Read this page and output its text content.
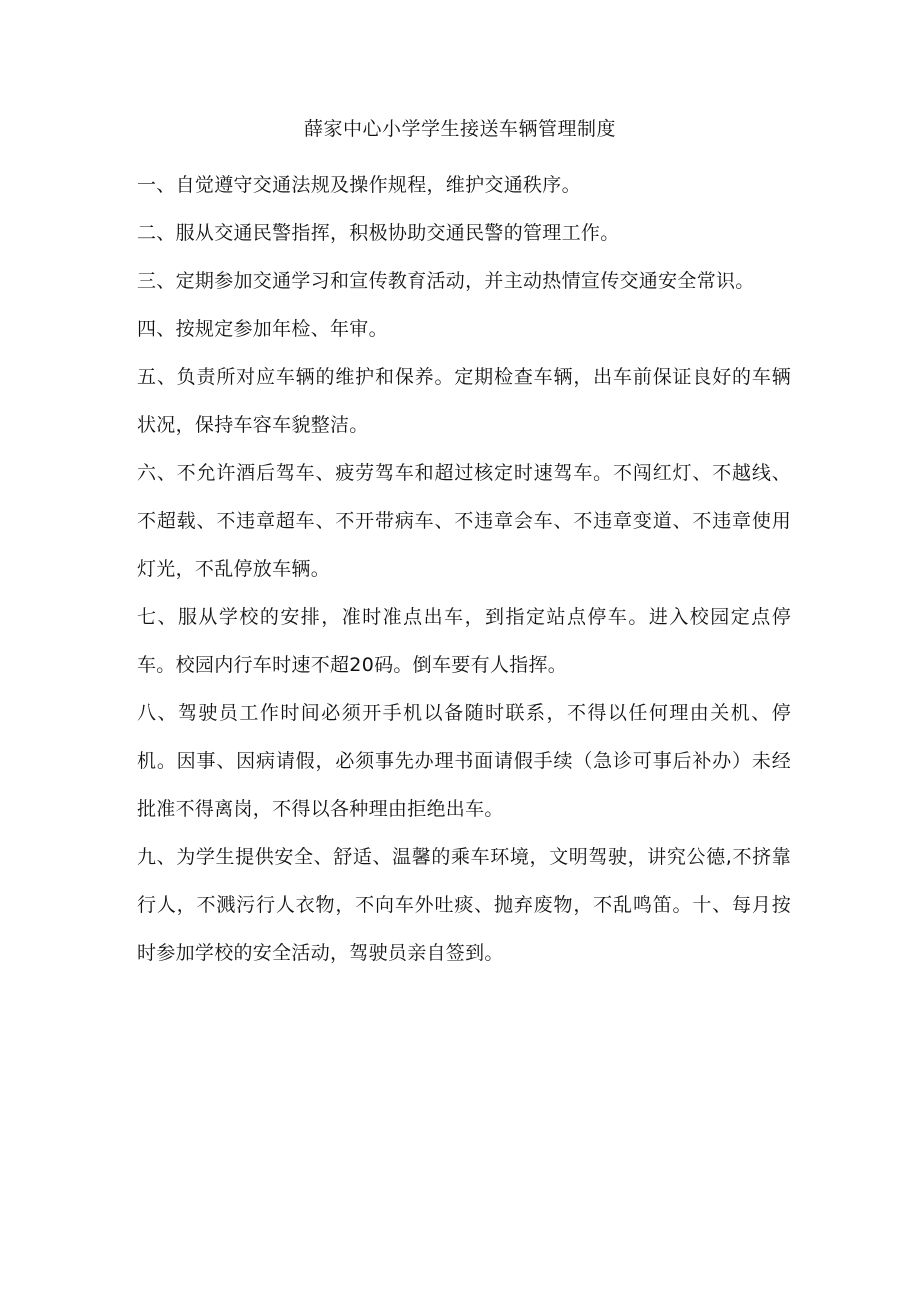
薛家中心小学学生接送车辆管理制度

一、自觉遵守交通法规及操作规程，维护交通秩序。

二、服从交通民警指挥，积极协助交通民警的管理工作。

三、定期参加交通学习和宣传教育活动，并主动热情宣传交通安全常识。

四、按规定参加年检、年审。

五、负责所对应车辆的维护和保养。定期检查车辆，出车前保证良好的车辆状况，保持车容车貌整洁。

六、不允许酒后驾车、疲劳驾车和超过核定时速驾车。不闯红灯、不越线、不超载、不违章超车、不开带病车、不违章会车、不违章变道、不违章使用灯光，不乱停放车辆。

七、服从学校的安排，准时准点出车，到指定站点停车。进入校园定点停车。校园内行车时速不超20码。倒车要有人指挥。

八、驾驶员工作时间必须开手机以备随时联系，不得以任何理由关机、停机。因事、因病请假，必须事先办理书面请假手续（急诊可事后补办）未经批准不得离岗，不得以各种理由拒绝出车。

九、为学生提供安全、舒适、温馨的乘车环境，文明驾驶，讲究公德,不挤靠行人，不溅污行人衣物，不向车外吐痰、抛弃废物，不乱鸣笛。十、每月按时参加学校的安全活动，驾驶员亲自签到。
